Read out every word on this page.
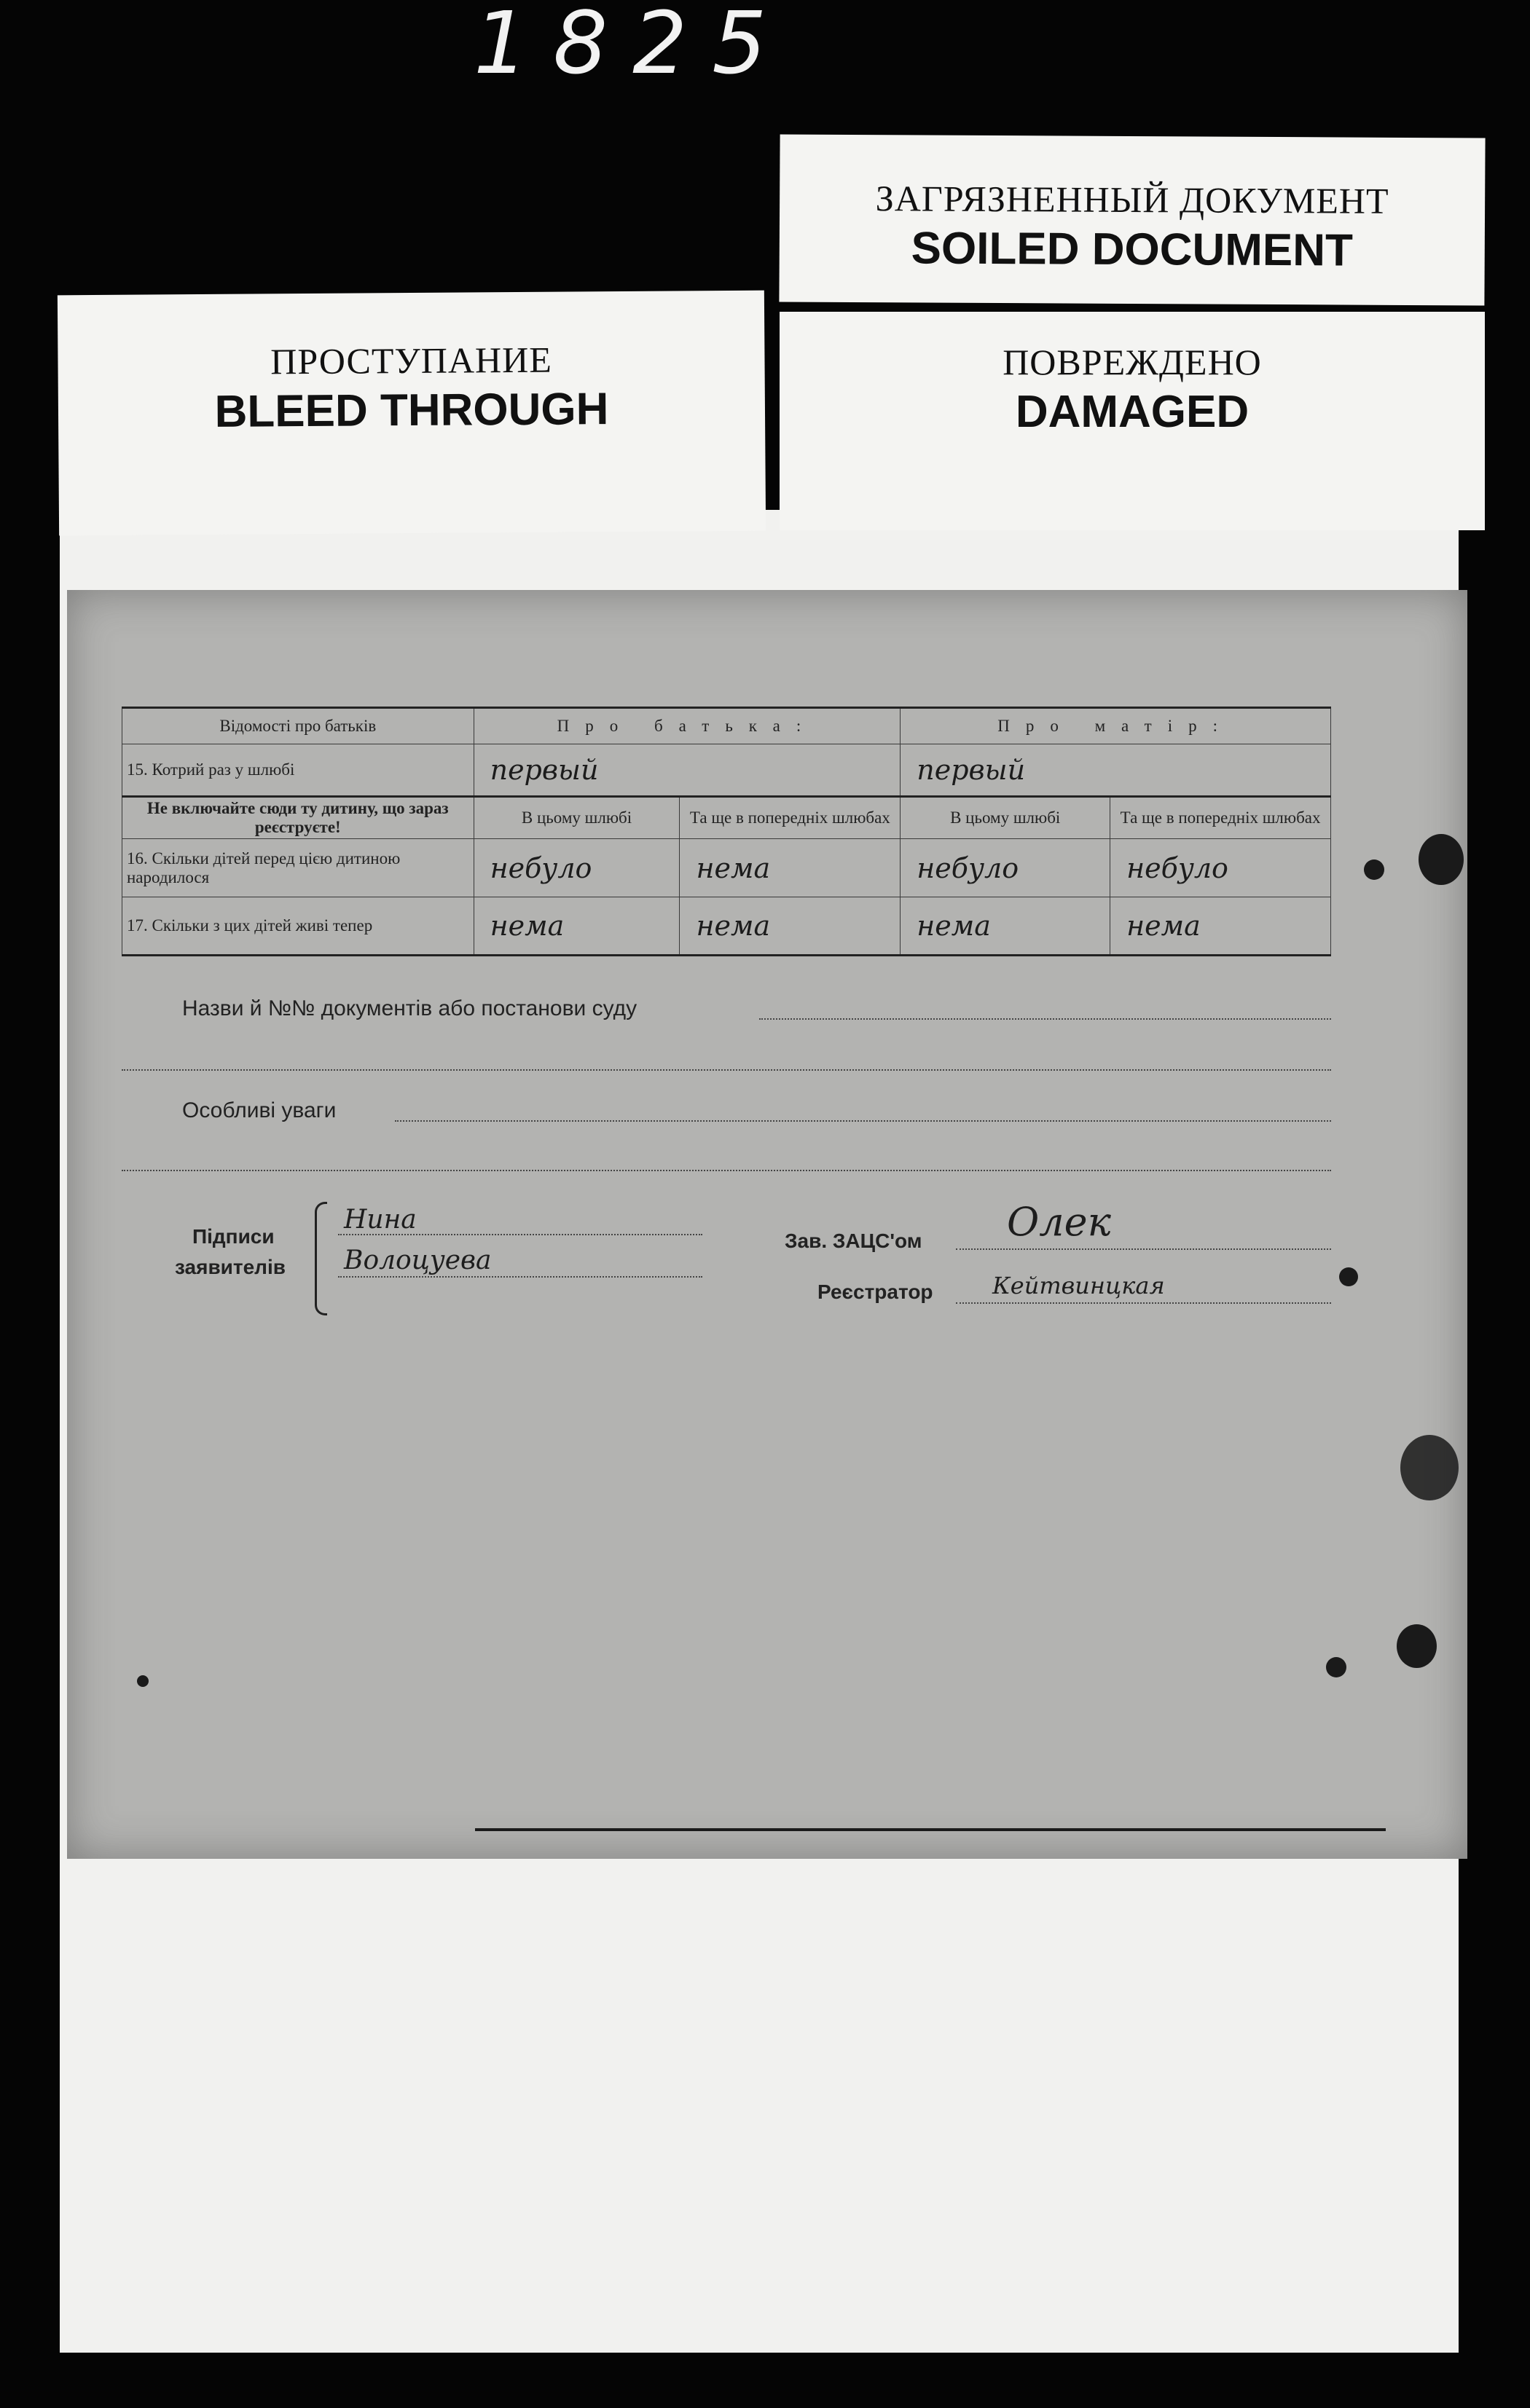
1825
ЗАГРЯЗНЕННЫЙ ДОКУМЕНТ
SOILED DOCUMENT
ПОВРЕЖДЕНО
DAMAGED
ПРОСТУПАНИЕ
BLEED THROUGH
Відомості про батьків	Про батька:		Про матір:	
15. Котрий раз у шлюбі	первый		первый	
Не включайте сюди ту дитину, що зараз реєструєте!	В цьому шлюбі	Та ще в попередніх шлюбах	В цьому шлюбі	Та ще в попередніх шлюбах
16. Скільки дітей перед цією дитиною народилося	небуло	нема	небуло	небуло
17. Скільки з цих дітей живі тепер	нема	нема	нема	нема
Назви й №№ документів або постанови суду
Особливі уваги
Підписи
заявителів
Нина
Волоцуева
Зав. ЗАЦС'ом Олек
Реєстратор	Кейтвинцкая
